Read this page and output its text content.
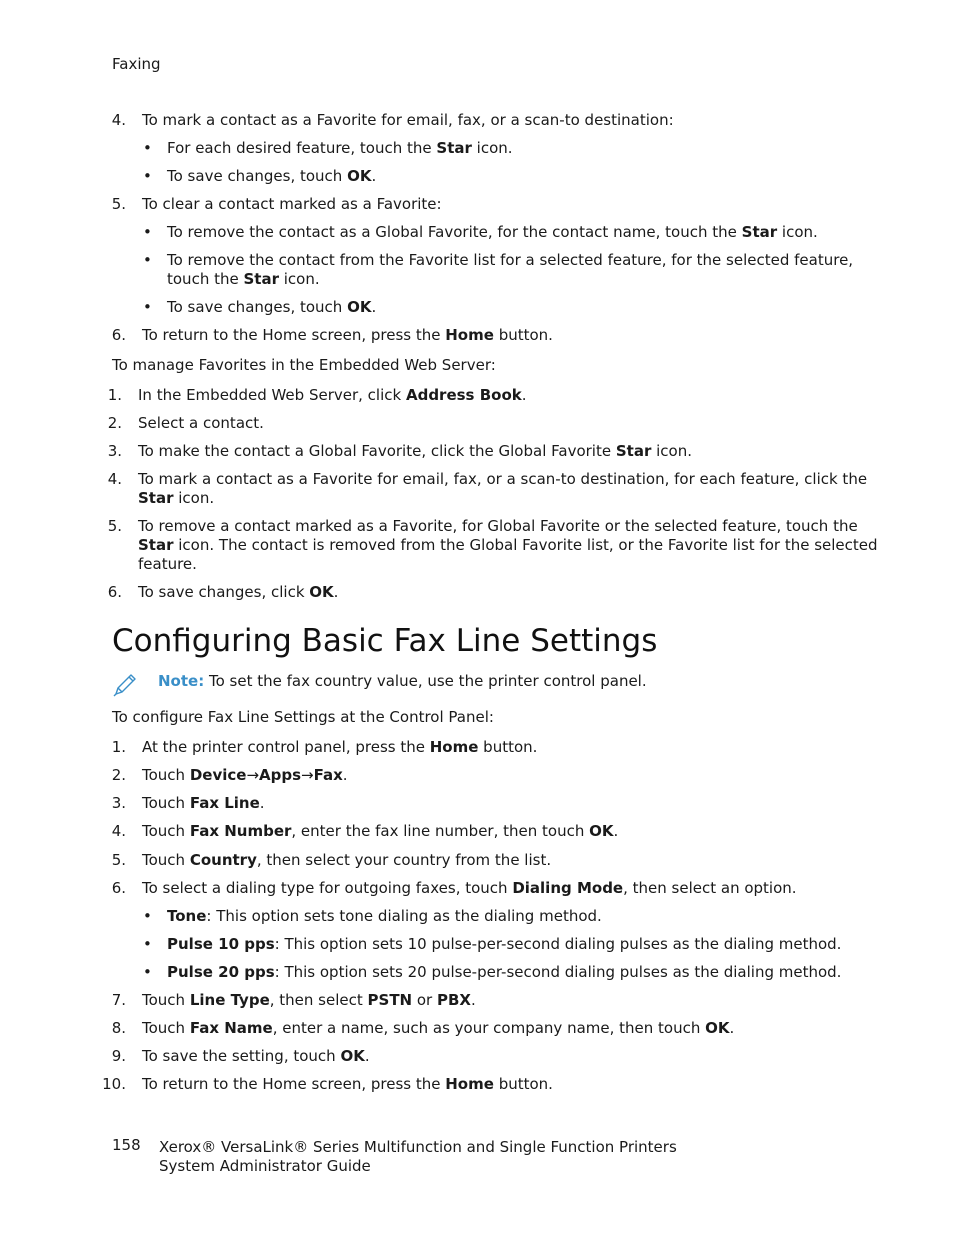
Faxing
4. To mark a contact as a Favorite for email, fax, or a scan-to destination:
• For each desired feature, touch the Star icon.
• To save changes, touch OK.
5. To clear a contact marked as a Favorite:
• To remove the contact as a Global Favorite, for the contact name, touch the Star icon.
• To remove the contact from the Favorite list for a selected feature, for the selected feature,
touch the Star icon.
• To save changes, touch OK.
6. To return to the Home screen, press the Home button.
To manage Favorites in the Embedded Web Server:
1. In the Embedded Web Server, click Address Book.
2. Select a contact.
3. To make the contact a Global Favorite, click the Global Favorite Star icon.
4. To mark a contact as a Favorite for email, fax, or a scan-to destination, for each feature, click the
Star icon.
5. To remove a contact marked as a Favorite, for Global Favorite or the selected feature, touch the
Star icon. The contact is removed from the Global Favorite list, or the Favorite list for the selected
feature.
6. To save changes, click OK.
Configuring Basic Fax Line Settings
Note: To set the fax country value, use the printer control panel.
To configure Fax Line Settings at the Control Panel:
1. At the printer control panel, press the Home button.
2. Touch Device→Apps→Fax.
3. Touch Fax Line.
4. Touch Fax Number, enter the fax line number, then touch OK.
5. Touch Country, then select your country from the list.
6. To select a dialing type for outgoing faxes, touch Dialing Mode, then select an option.
• Tone: This option sets tone dialing as the dialing method.
• Pulse 10 pps: This option sets 10 pulse-per-second dialing pulses as the dialing method.
• Pulse 20 pps: This option sets 20 pulse-per-second dialing pulses as the dialing method.
7. Touch Line Type, then select PSTN or PBX.
8. Touch Fax Name, enter a name, such as your company name, then touch OK.
9. To save the setting, touch OK.
10. To return to the Home screen, press the Home button.
158 Xerox® VersaLink® Series Multifunction and Single Function Printers
System Administrator Guide
